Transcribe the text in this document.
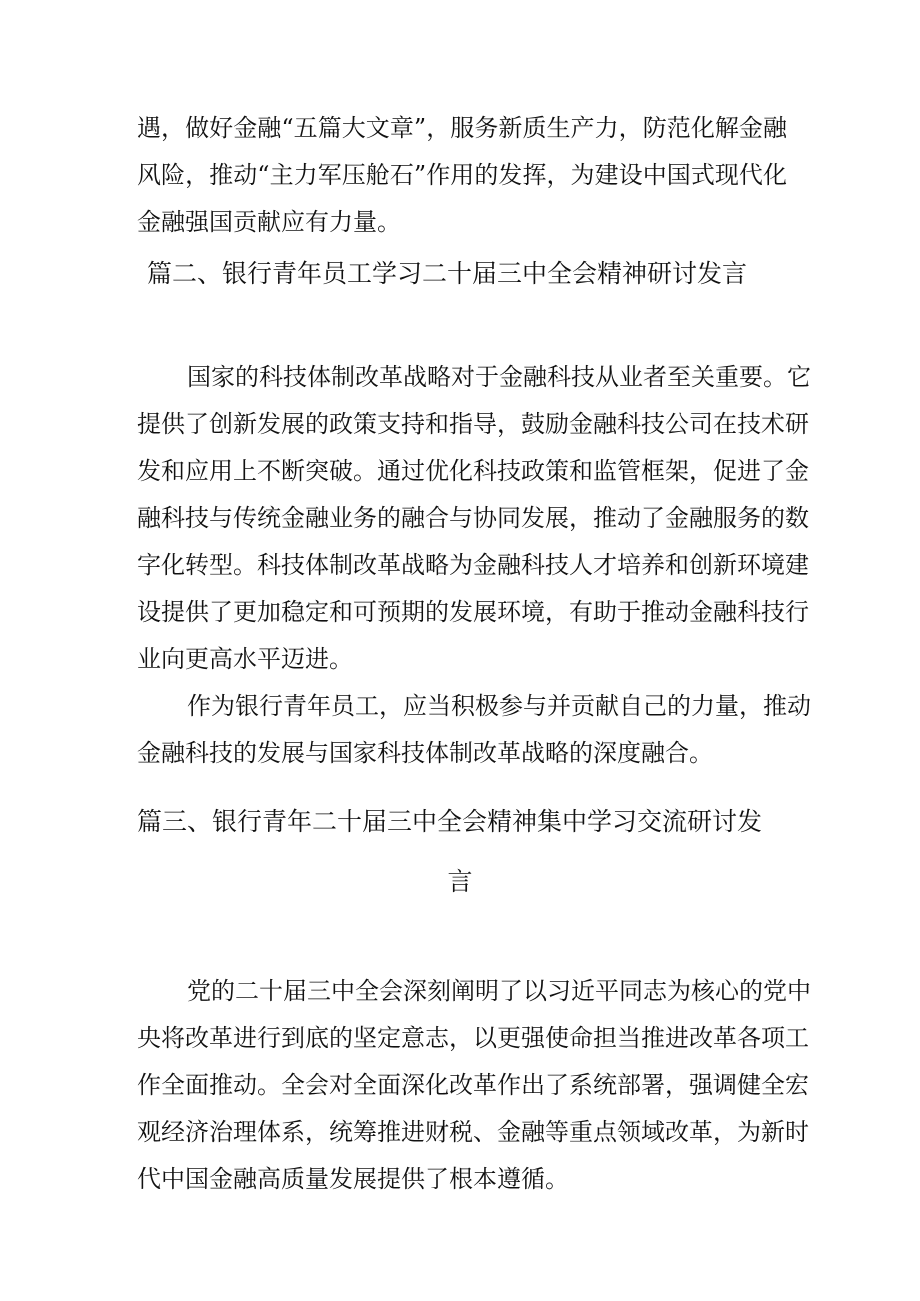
遇，做好金融“五篇大文章”，服务新质生产力，防范化解金融
风险，推动“主力军压舱石”作用的发挥，为建设中国式现代化
金融强国贡献应有力量。
篇二、银行青年员工学习二十届三中全会精神研讨发言
国家的科技体制改革战略对于金融科技从业者至关重要。它
提供了创新发展的政策支持和指导，鼓励金融科技公司在技术研
发和应用上不断突破。通过优化科技政策和监管框架，促进了金
融科技与传统金融业务的融合与协同发展，推动了金融服务的数
字化转型。科技体制改革战略为金融科技人才培养和创新环境建
设提供了更加稳定和可预期的发展环境，有助于推动金融科技行
业向更高水平迈进。
作为银行青年员工，应当积极参与并贡献自己的力量，推动
金融科技的发展与国家科技体制改革战略的深度融合。
篇三、银行青年二十届三中全会精神集中学习交流研讨发
言
党的二十届三中全会深刻阐明了以习近平同志为核心的党中
央将改革进行到底的坚定意志，以更强使命担当推进改革各项工
作全面推动。全会对全面深化改革作出了系统部署，强调健全宏
观经济治理体系，统筹推进财税、金融等重点领域改革，为新时
代中国金融高质量发展提供了根本遵循。
